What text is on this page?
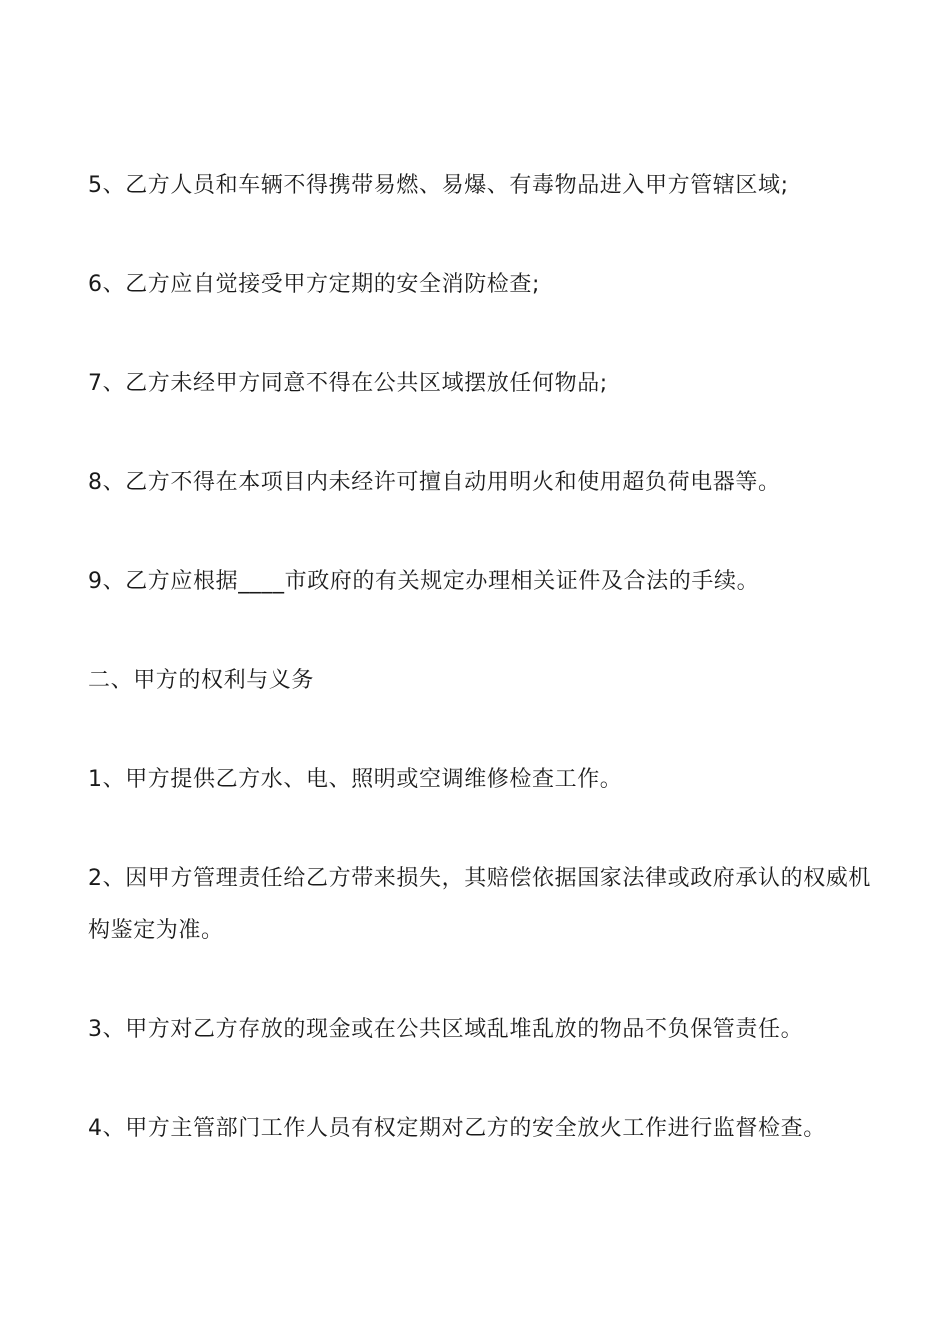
5、乙方人员和车辆不得携带易燃、易爆、有毒物品进入甲方管辖区域;

6、乙方应自觉接受甲方定期的安全消防检查;

7、乙方未经甲方同意不得在公共区域摆放任何物品;

8、乙方不得在本项目内未经许可擅自动用明火和使用超负荷电器等。

9、乙方应根据____市政府的有关规定办理相关证件及合法的手续。

二、甲方的权利与义务

1、甲方提供乙方水、电、照明或空调维修检查工作。

2、因甲方管理责任给乙方带来损失，其赔偿依据国家法律或政府承认的权威机构鉴定为准。

3、甲方对乙方存放的现金或在公共区域乱堆乱放的物品不负保管责任。

4、甲方主管部门工作人员有权定期对乙方的安全放火工作进行监督检查。
